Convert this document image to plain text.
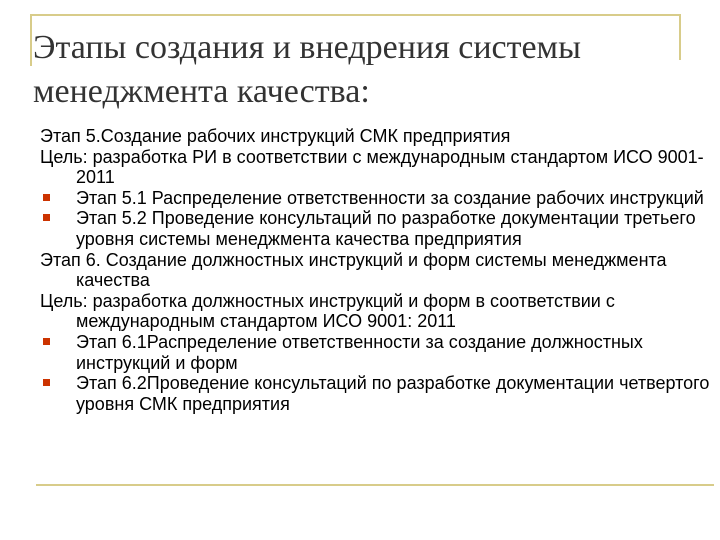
Этапы создания и внедрения системы
менеджмента качества:

Этап 5.Создание рабочих инструкций СМК предприятия

Цель: разработка РИ в соответствии с международным стандартом ИСО 9001-2011

Этап 5.1 Распределение ответственности за создание рабочих инструкций
Этап 5.2 Проведение консультаций по разработке документации третьего уровня системы менеджмента качества предприятия

Этап 6. Создание должностных инструкций и форм системы менеджмента качества

Цель: разработка должностных инструкций и форм в соответствии с международным стандартом ИСО 9001: 2011

Этап 6.1Распределение ответственности за создание должностных инструкций и форм
Этап 6.2Проведение консультаций по разработке документации четвертого уровня СМК предприятия
